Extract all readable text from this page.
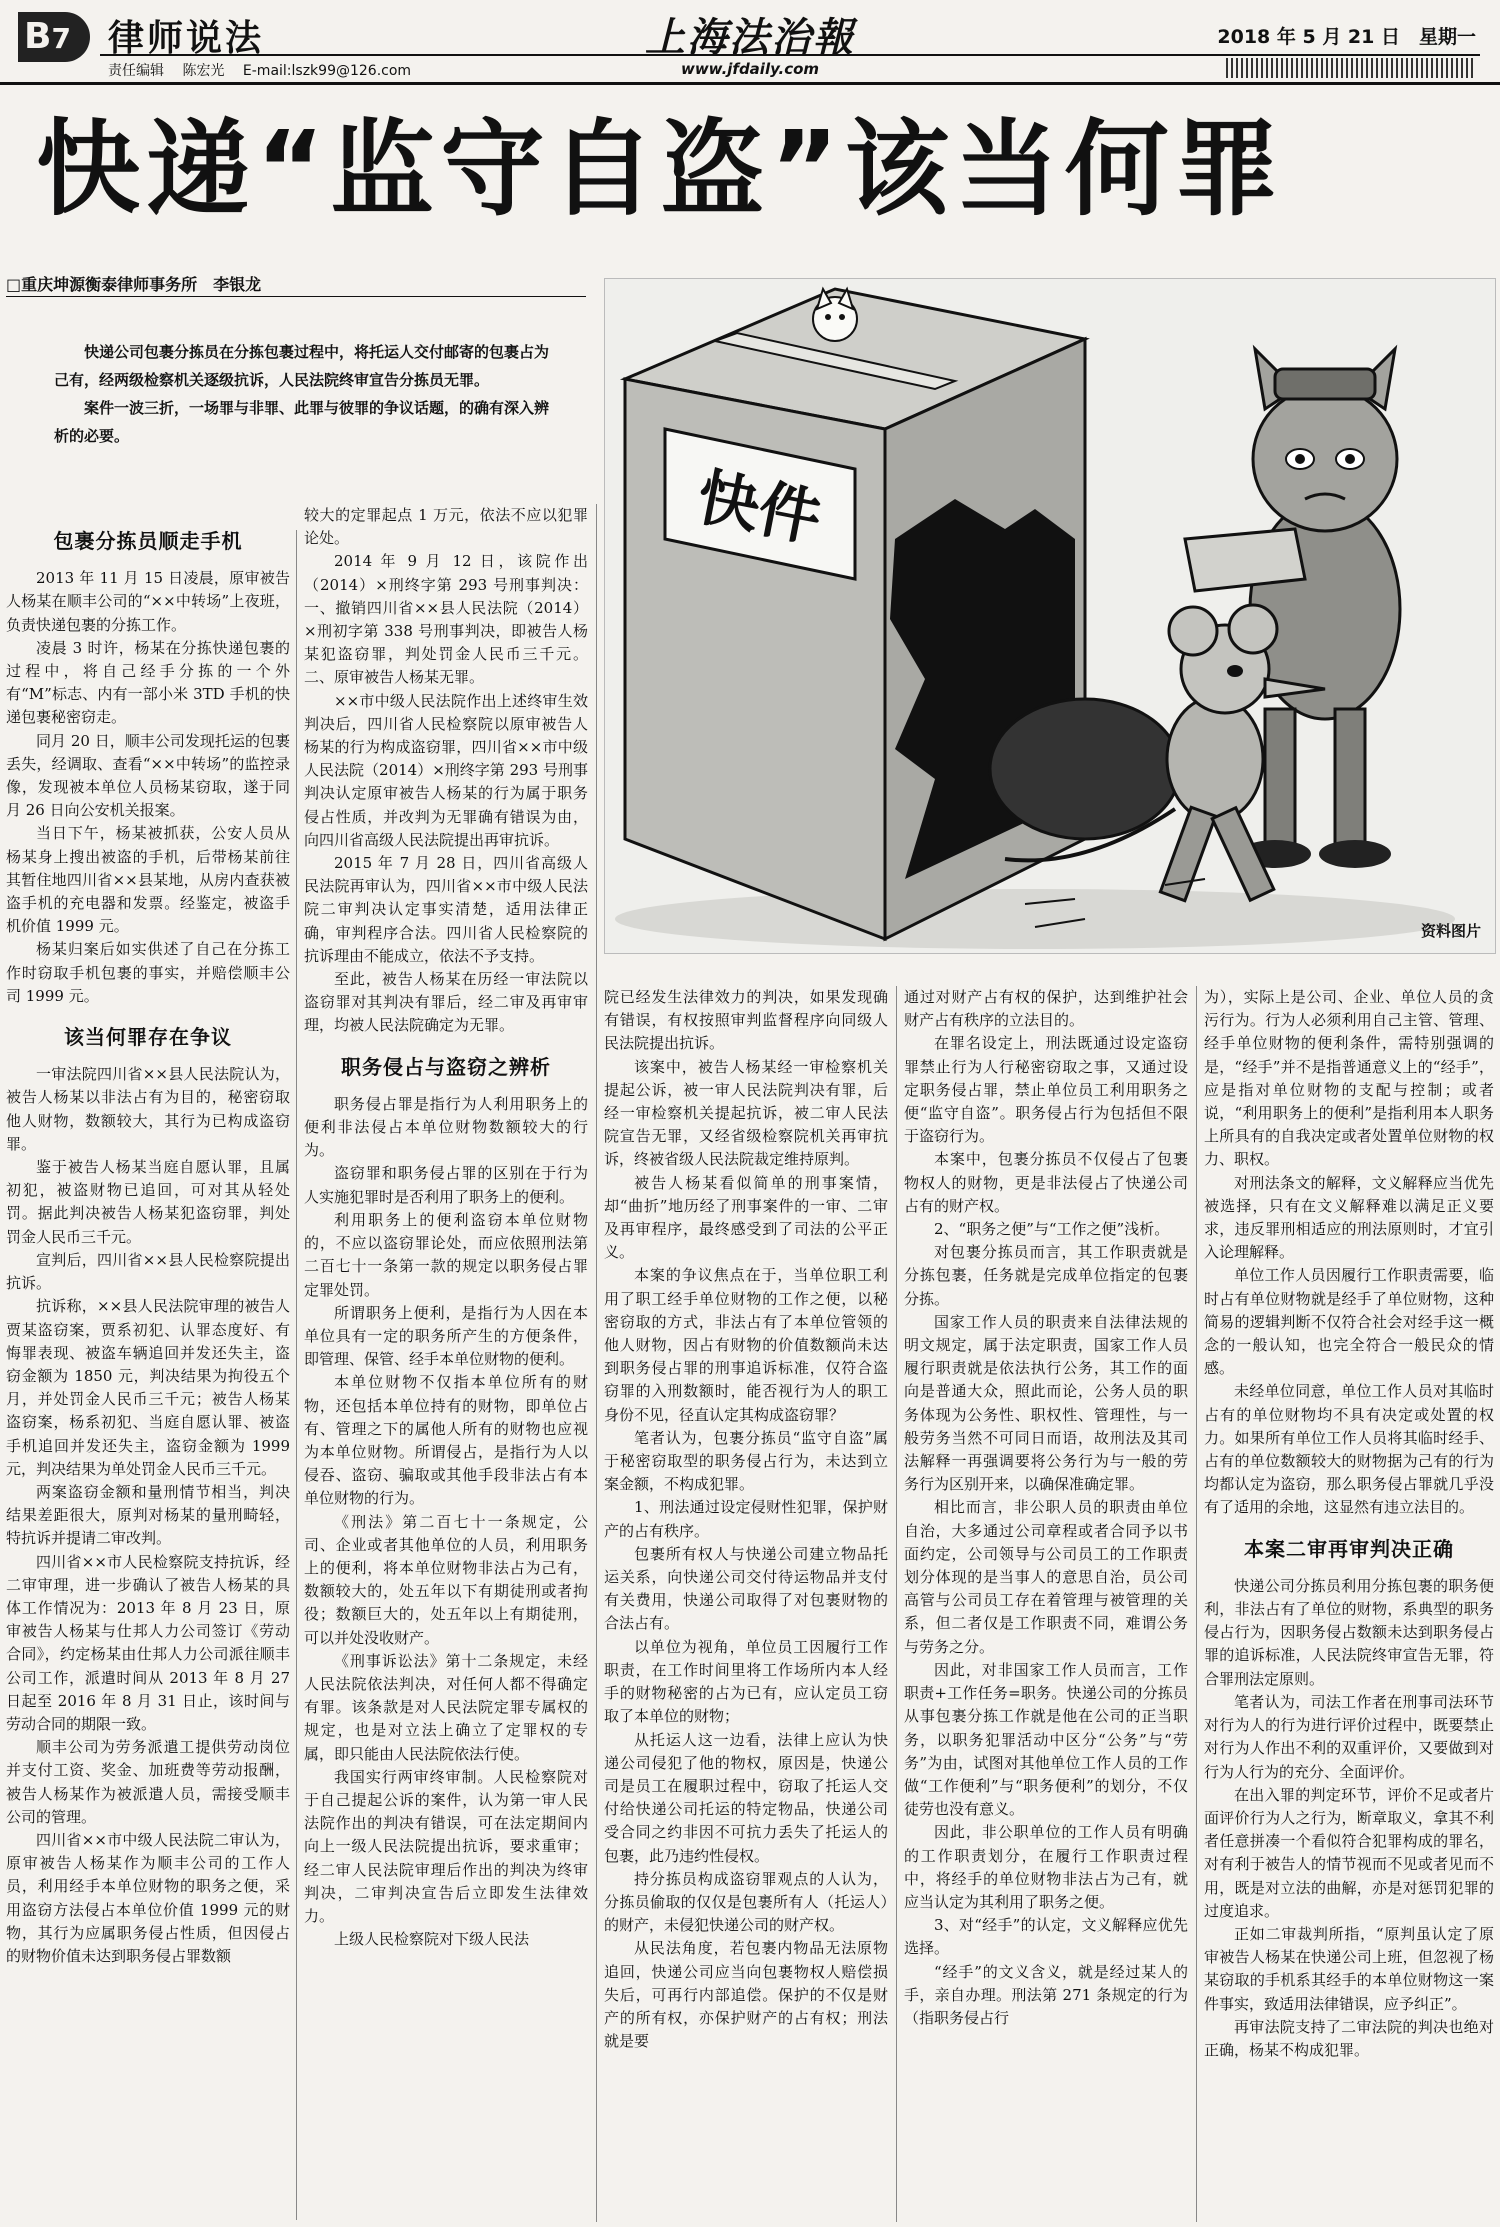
B7	律师说法
责任编辑 陈宏光 E-mail:lszk99@126.com
上海法治報
www.jfdaily.com
2018 年 5 月 21 日　星期一
快递“监守自盗”该当何罪
□重庆坤源衡泰律师事务所　李银龙

快递公司包裹分拣员在分拣包裹过程中，将托运人交付邮寄的包裹占为己有，经两级检察机关逐级抗诉，人民法院终审宣告分拣员无罪。

案件一波三折，一场罪与非罪、此罪与彼罪的争议话题，的确有深入辨析的必要。

快件
资料图片
包裹分拣员顺走手机

2013 年 11 月 15 日凌晨，原审被告人杨某在顺丰公司的“××中转场”上夜班，负责快递包裹的分拣工作。

凌晨 3 时许，杨某在分拣快递包裹的过程中，将自己经手分拣的一个外有“M”标志、内有一部小米 3TD 手机的快递包裹秘密窃走。

同月 20 日，顺丰公司发现托运的包裹丢失，经调取、查看“××中转场”的监控录像，发现被本单位人员杨某窃取，遂于同月 26 日向公安机关报案。

当日下午，杨某被抓获，公安人员从杨某身上搜出被盗的手机，后带杨某前往其暂住地四川省××县某地，从房内查获被盗手机的充电器和发票。经鉴定，被盗手机价值 1999 元。

杨某归案后如实供述了自己在分拣工作时窃取手机包裹的事实，并赔偿顺丰公司 1999 元。

该当何罪存在争议

一审法院四川省××县人民法院认为，被告人杨某以非法占有为目的，秘密窃取他人财物，数额较大，其行为已构成盗窃罪。

鉴于被告人杨某当庭自愿认罪，且属初犯，被盗财物已追回，可对其从轻处罚。据此判决被告人杨某犯盗窃罪，判处罚金人民币三千元。

宣判后，四川省××县人民检察院提出抗诉。

抗诉称，××县人民法院审理的被告人贾某盗窃案，贾系初犯、认罪态度好、有悔罪表现、被盗车辆追回并发还失主，盗窃金额为 1850 元，判决结果为拘役五个月，并处罚金人民币三千元；被告人杨某盗窃案，杨系初犯、当庭自愿认罪、被盗手机追回并发还失主，盗窃金额为 1999 元，判决结果为单处罚金人民币三千元。

两案盗窃金额和量刑情节相当，判决结果差距很大，原判对杨某的量刑畸轻，特抗诉并提请二审改判。

四川省××市人民检察院支持抗诉，经二审审理，进一步确认了被告人杨某的具体工作情况为：2013 年 8 月 23 日，原审被告人杨某与仕邦人力公司签订《劳动合同》，约定杨某由仕邦人力公司派往顺丰公司工作，派遣时间从 2013 年 8 月 27 日起至 2016 年 8 月 31 日止，该时间与劳动合同的期限一致。

顺丰公司为劳务派遣工提供劳动岗位并支付工资、奖金、加班费等劳动报酬，被告人杨某作为被派遣人员，需接受顺丰公司的管理。

四川省××市中级人民法院二审认为，原审被告人杨某作为顺丰公司的工作人员，利用经手本单位财物的职务之便，采用盗窃方法侵占本单位价值 1999 元的财物，其行为应属职务侵占性质，但因侵占的财物价值未达到职务侵占罪数额

较大的定罪起点 1 万元，依法不应以犯罪论处。

2014 年 9 月 12 日，该院作出（2014）×刑终字第 293 号刑事判决：一、撤销四川省××县人民法院（2014）×刑初字第 338 号刑事判决，即被告人杨某犯盗窃罪，判处罚金人民币三千元。二、原审被告人杨某无罪。

××市中级人民法院作出上述终审生效判决后，四川省人民检察院以原审被告人杨某的行为构成盗窃罪，四川省××市中级人民法院（2014）×刑终字第 293 号刑事判决认定原审被告人杨某的行为属于职务侵占性质，并改判为无罪确有错误为由，向四川省高级人民法院提出再审抗诉。

2015 年 7 月 28 日，四川省高级人民法院再审认为，四川省××市中级人民法院二审判决认定事实清楚，适用法律正确，审判程序合法。四川省人民检察院的抗诉理由不能成立，依法不予支持。

至此，被告人杨某在历经一审法院以盗窃罪对其判决有罪后，经二审及再审审理，均被人民法院确定为无罪。

职务侵占与盗窃之辨析

职务侵占罪是指行为人利用职务上的便利非法侵占本单位财物数额较大的行为。

盗窃罪和职务侵占罪的区别在于行为人实施犯罪时是否利用了职务上的便利。

利用职务上的便利盗窃本单位财物的，不应以盗窃罪论处，而应依照刑法第二百七十一条第一款的规定以职务侵占罪定罪处罚。

所谓职务上便利，是指行为人因在本单位具有一定的职务所产生的方便条件，即管理、保管、经手本单位财物的便利。

本单位财物不仅指本单位所有的财物，还包括本单位持有的财物，即单位占有、管理之下的属他人所有的财物也应视为本单位财物。所谓侵占，是指行为人以侵吞、盗窃、骗取或其他手段非法占有本单位财物的行为。

《刑法》第二百七十一条规定，公司、企业或者其他单位的人员，利用职务上的便利，将本单位财物非法占为己有，数额较大的，处五年以下有期徒刑或者拘役；数额巨大的，处五年以上有期徒刑，可以并处没收财产。

《刑事诉讼法》第十二条规定，未经人民法院依法判决，对任何人都不得确定有罪。该条款是对人民法院定罪专属权的规定，也是对立法上确立了定罪权的专属，即只能由人民法院依法行使。

我国实行两审终审制。人民检察院对于自己提起公诉的案件，认为第一审人民法院作出的判决有错误，可在法定期间内向上一级人民法院提出抗诉，要求重审；经二审人民法院审理后作出的判决为终审判决，二审判决宣告后立即发生法律效力。

上级人民检察院对下级人民法

院已经发生法律效力的判决，如果发现确有错误，有权按照审判监督程序向同级人民法院提出抗诉。

该案中，被告人杨某经一审检察机关提起公诉，被一审人民法院判决有罪，后经一审检察机关提起抗诉，被二审人民法院宣告无罪，又经省级检察院机关再审抗诉，终被省级人民法院裁定维持原判。

被告人杨某看似简单的刑事案情，却“曲折”地历经了刑事案件的一审、二审及再审程序，最终感受到了司法的公平正义。

本案的争议焦点在于，当单位职工利用了职工经手单位财物的工作之便，以秘密窃取的方式，非法占有了本单位管领的他人财物，因占有财物的价值数额尚未达到职务侵占罪的刑事追诉标准，仅符合盗窃罪的入刑数额时，能否视行为人的职工身份不见，径直认定其构成盗窃罪？

笔者认为，包裹分拣员“监守自盗”属于秘密窃取型的职务侵占行为，未达到立案金额，不构成犯罪。

1、刑法通过设定侵财性犯罪，保护财产的占有秩序。

包裹所有权人与快递公司建立物品托运关系，向快递公司交付待运物品并支付有关费用，快递公司取得了对包裹财物的合法占有。

以单位为视角，单位员工因履行工作职责，在工作时间里将工作场所内本人经手的财物秘密的占为已有，应认定员工窃取了本单位的财物；

从托运人这一边看，法律上应认为快递公司侵犯了他的物权，原因是，快递公司是员工在履职过程中，窃取了托运人交付给快递公司托运的特定物品，快递公司受合同之约非因不可抗力丢失了托运人的包裹，此乃违约性侵权。

持分拣员构成盗窃罪观点的人认为，分拣员偷取的仅仅是包裹所有人（托运人）的财产，未侵犯快递公司的财产权。

从民法角度，若包裹内物品无法原物追回，快递公司应当向包裹物权人赔偿损失后，可再行内部追偿。保护的不仅是财产的所有权，亦保护财产的占有权；刑法就是要

通过对财产占有权的保护，达到维护社会财产占有秩序的立法目的。

在罪名设定上，刑法既通过设定盗窃罪禁止行为人行秘密窃取之事，又通过设定职务侵占罪，禁止单位员工利用职务之便“监守自盗”。职务侵占行为包括但不限于盗窃行为。

本案中，包裹分拣员不仅侵占了包裹物权人的财物，更是非法侵占了快递公司占有的财产权。

2、“职务之便”与“工作之便”浅析。

对包裹分拣员而言，其工作职责就是分拣包裹，任务就是完成单位指定的包裹分拣。

国家工作人员的职责来自法律法规的明文规定，属于法定职责，国家工作人员履行职责就是依法执行公务，其工作的面向是普通大众，照此而论，公务人员的职务体现为公务性、职权性、管理性，与一般劳务当然不可同日而语，故刑法及其司法解释一再强调要将公务行为与一般的劳务行为区别开来，以确保准确定罪。

相比而言，非公职人员的职责由单位自治，大多通过公司章程或者合同予以书面约定，公司领导与公司员工的工作职责划分体现的是当事人的意思自治，员公司高管与公司员工存在着管理与被管理的关系，但二者仅是工作职责不同，难谓公务与劳务之分。

因此，对非国家工作人员而言，工作职责+工作任务=职务。快递公司的分拣员从事包裹分拣工作就是他在公司的正当职务，以职务犯罪活动中区分“公务”与“劳务”为由，试图对其他单位工作人员的工作做“工作便利”与“职务便利”的划分，不仅徒劳也没有意义。

因此，非公职单位的工作人员有明确的工作职责划分，在履行工作职责过程中，将经手的单位财物非法占为己有，就应当认定为其利用了职务之便。

3、对“经手”的认定，文义解释应优先选择。

“经手”的文义含义，就是经过某人的手，亲自办理。刑法第 271 条规定的行为（指职务侵占行

为），实际上是公司、企业、单位人员的贪污行为。行为人必须利用自己主管、管理、经手单位财物的便利条件，需特别强调的是，“经手”并不是指普通意义上的“经手”，应是指对单位财物的支配与控制；或者说，“利用职务上的便利”是指利用本人职务上所具有的自我决定或者处置单位财物的权力、职权。

对刑法条文的解释，文义解释应当优先被选择，只有在文义解释难以满足正义要求，违反罪刑相适应的刑法原则时，才宜引入论理解释。

单位工作人员因履行工作职责需要，临时占有单位财物就是经手了单位财物，这种简易的逻辑判断不仅符合社会对经手这一概念的一般认知，也完全符合一般民众的情感。

未经单位同意，单位工作人员对其临时占有的单位财物均不具有决定或处置的权力。如果所有单位工作人员将其临时经手、占有的单位数额较大的财物据为己有的行为均都认定为盗窃，那么职务侵占罪就几乎没有了适用的余地，这显然有违立法目的。

本案二审再审判决正确

快递公司分拣员利用分拣包裹的职务便利，非法占有了单位的财物，系典型的职务侵占行为，因职务侵占数额未达到职务侵占罪的追诉标准，人民法院终审宣告无罪，符合罪刑法定原则。

笔者认为，司法工作者在刑事司法环节对行为人的行为进行评价过程中，既要禁止对行为人作出不利的双重评价，又要做到对行为人行为的充分、全面评价。

在出入罪的判定环节，评价不足或者片面评价行为人之行为，断章取义，拿其不利者任意拼凑一个看似符合犯罪构成的罪名，对有利于被告人的情节视而不见或者见而不用，既是对立法的曲解，亦是对惩罚犯罪的过度追求。

正如二审裁判所指，“原判虽认定了原审被告人杨某在快递公司上班，但忽视了杨某窃取的手机系其经手的本单位财物这一案件事实，致适用法律错误，应予纠正”。

再审法院支持了二审法院的判决也绝对正确，杨某不构成犯罪。
